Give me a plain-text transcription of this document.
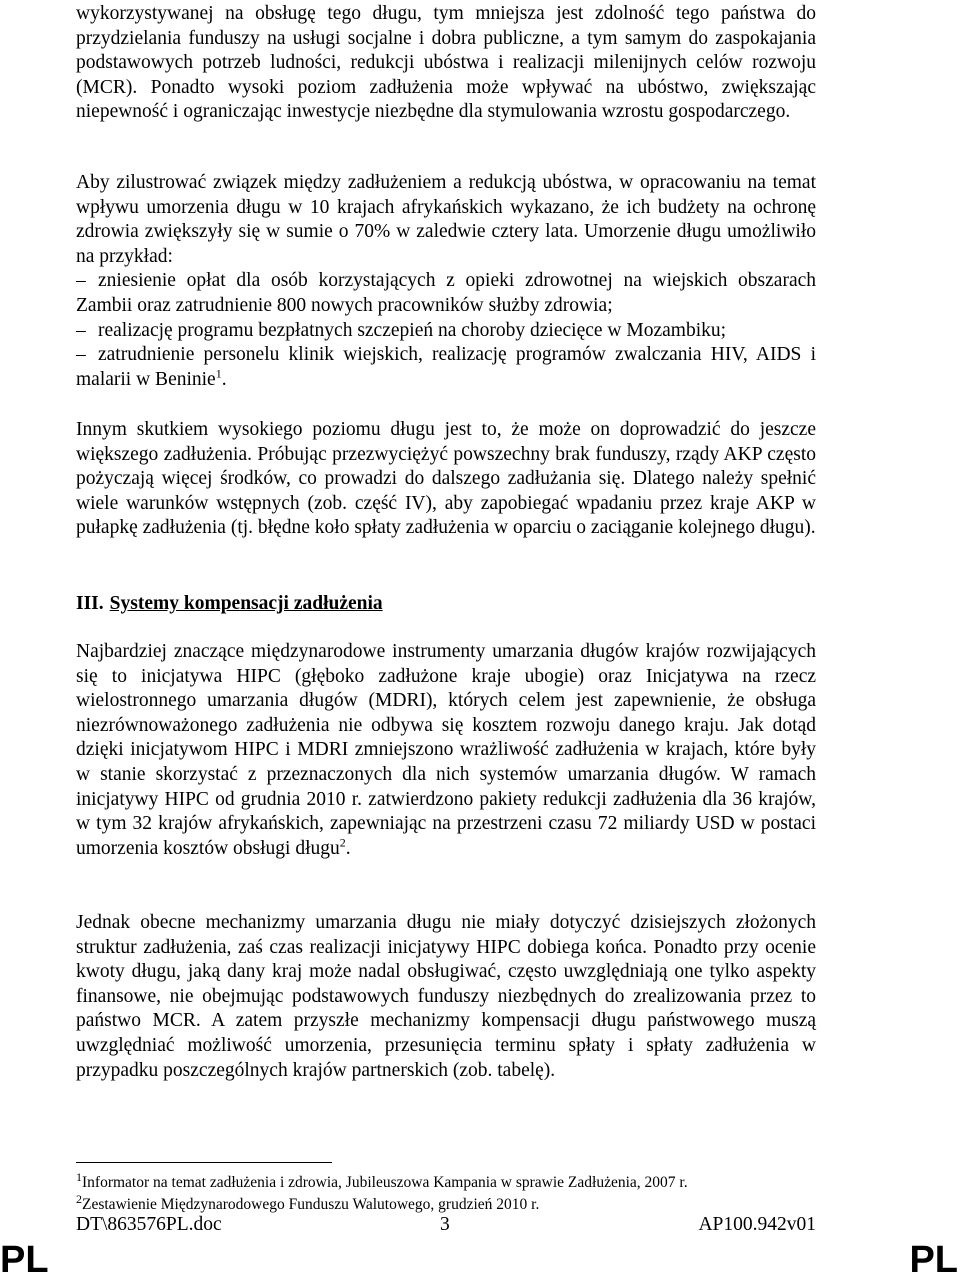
wykorzystywanej na obsługę tego długu, tym mniejsza jest zdolność tego państwa do przydzielania funduszy na usługi socjalne i dobra publiczne, a tym samym do zaspokajania podstawowych potrzeb ludności, redukcji ubóstwa i realizacji milenijnych celów rozwoju (MCR). Ponadto wysoki poziom zadłużenia może wpływać na ubóstwo, zwiększając niepewność i ograniczając inwestycje niezbędne dla stymulowania wzrostu gospodarczego.

Aby zilustrować związek między zadłużeniem a redukcją ubóstwa, w opracowaniu na temat wpływu umorzenia długu w 10 krajach afrykańskich wykazano, że ich budżety na ochronę zdrowia zwiększyły się w sumie o 70% w zaledwie cztery lata. Umorzenie długu umożliwiło na przykład:
– zniesienie opłat dla osób korzystających z opieki zdrowotnej na wiejskich obszarach Zambii oraz zatrudnienie 800 nowych pracowników służby zdrowia;
– realizację programu bezpłatnych szczepień na choroby dziecięce w Mozambiku;
– zatrudnienie personelu klinik wiejskich, realizację programów zwalczania HIV, AIDS i malarii w Beninie$^1$.

Innym skutkiem wysokiego poziomu długu jest to, że może on doprowadzić do jeszcze większego zadłużenia. Próbując przezwyciężyć powszechny brak funduszy, rządy AKP często pożyczają więcej środków, co prowadzi do dalszego zadłużania się. Dlatego należy spełnić wiele warunków wstępnych (zob. część IV), aby zapobiegać wpadaniu przez kraje AKP w pułapkę zadłużenia (tj. błędne koło spłaty zadłużenia w oparciu o zaciąganie kolejnego długu).

III. Systemy kompensacji zadłużenia

Najbardziej znaczące międzynarodowe instrumenty umarzania długów krajów rozwijających się to inicjatywa HIPC (głęboko zadłużone kraje ubogie) oraz Inicjatywa na rzecz wielostronnego umarzania długów (MDRI), których celem jest zapewnienie, że obsługa niezrównoważonego zadłużenia nie odbywa się kosztem rozwoju danego kraju. Jak dotąd dzięki inicjatywom HIPC i MDRI zmniejszono wrażliwość zadłużenia w krajach, które były w stanie skorzystać z przeznaczonych dla nich systemów umarzania długów. W ramach inicjatywy HIPC od grudnia 2010 r. zatwierdzono pakiety redukcji zadłużenia dla 36 krajów, w tym 32 krajów afrykańskich, zapewniając na przestrzeni czasu 72 miliardy USD w postaci umorzenia kosztów obsługi długu$^2$.

Jednak obecne mechanizmy umarzania długu nie miały dotyczyć dzisiejszych złożonych struktur zadłużenia, zaś czas realizacji inicjatywy HIPC dobiega końca. Ponadto przy ocenie kwoty długu, jaką dany kraj może nadal obsługiwać, często uwzględniają one tylko aspekty finansowe, nie obejmując podstawowych funduszy niezbędnych do zrealizowania przez to państwo MCR. A zatem przyszłe mechanizmy kompensacji długu państwowego muszą uwzględniać możliwość umorzenia, przesunięcia terminu spłaty i spłaty zadłużenia w przypadku poszczególnych krajów partnerskich (zob. tabelę).

$^1$Informator na temat zadłużenia i zdrowia, Jubileuszowa Kampania w sprawie Zadłużenia, 2007 r.
$^2$Zestawienie Międzynarodowego Funduszu Walutowego, grudzień 2010 r.
DT\863576PL.doc	3	AP100.942v01
PL	PL
